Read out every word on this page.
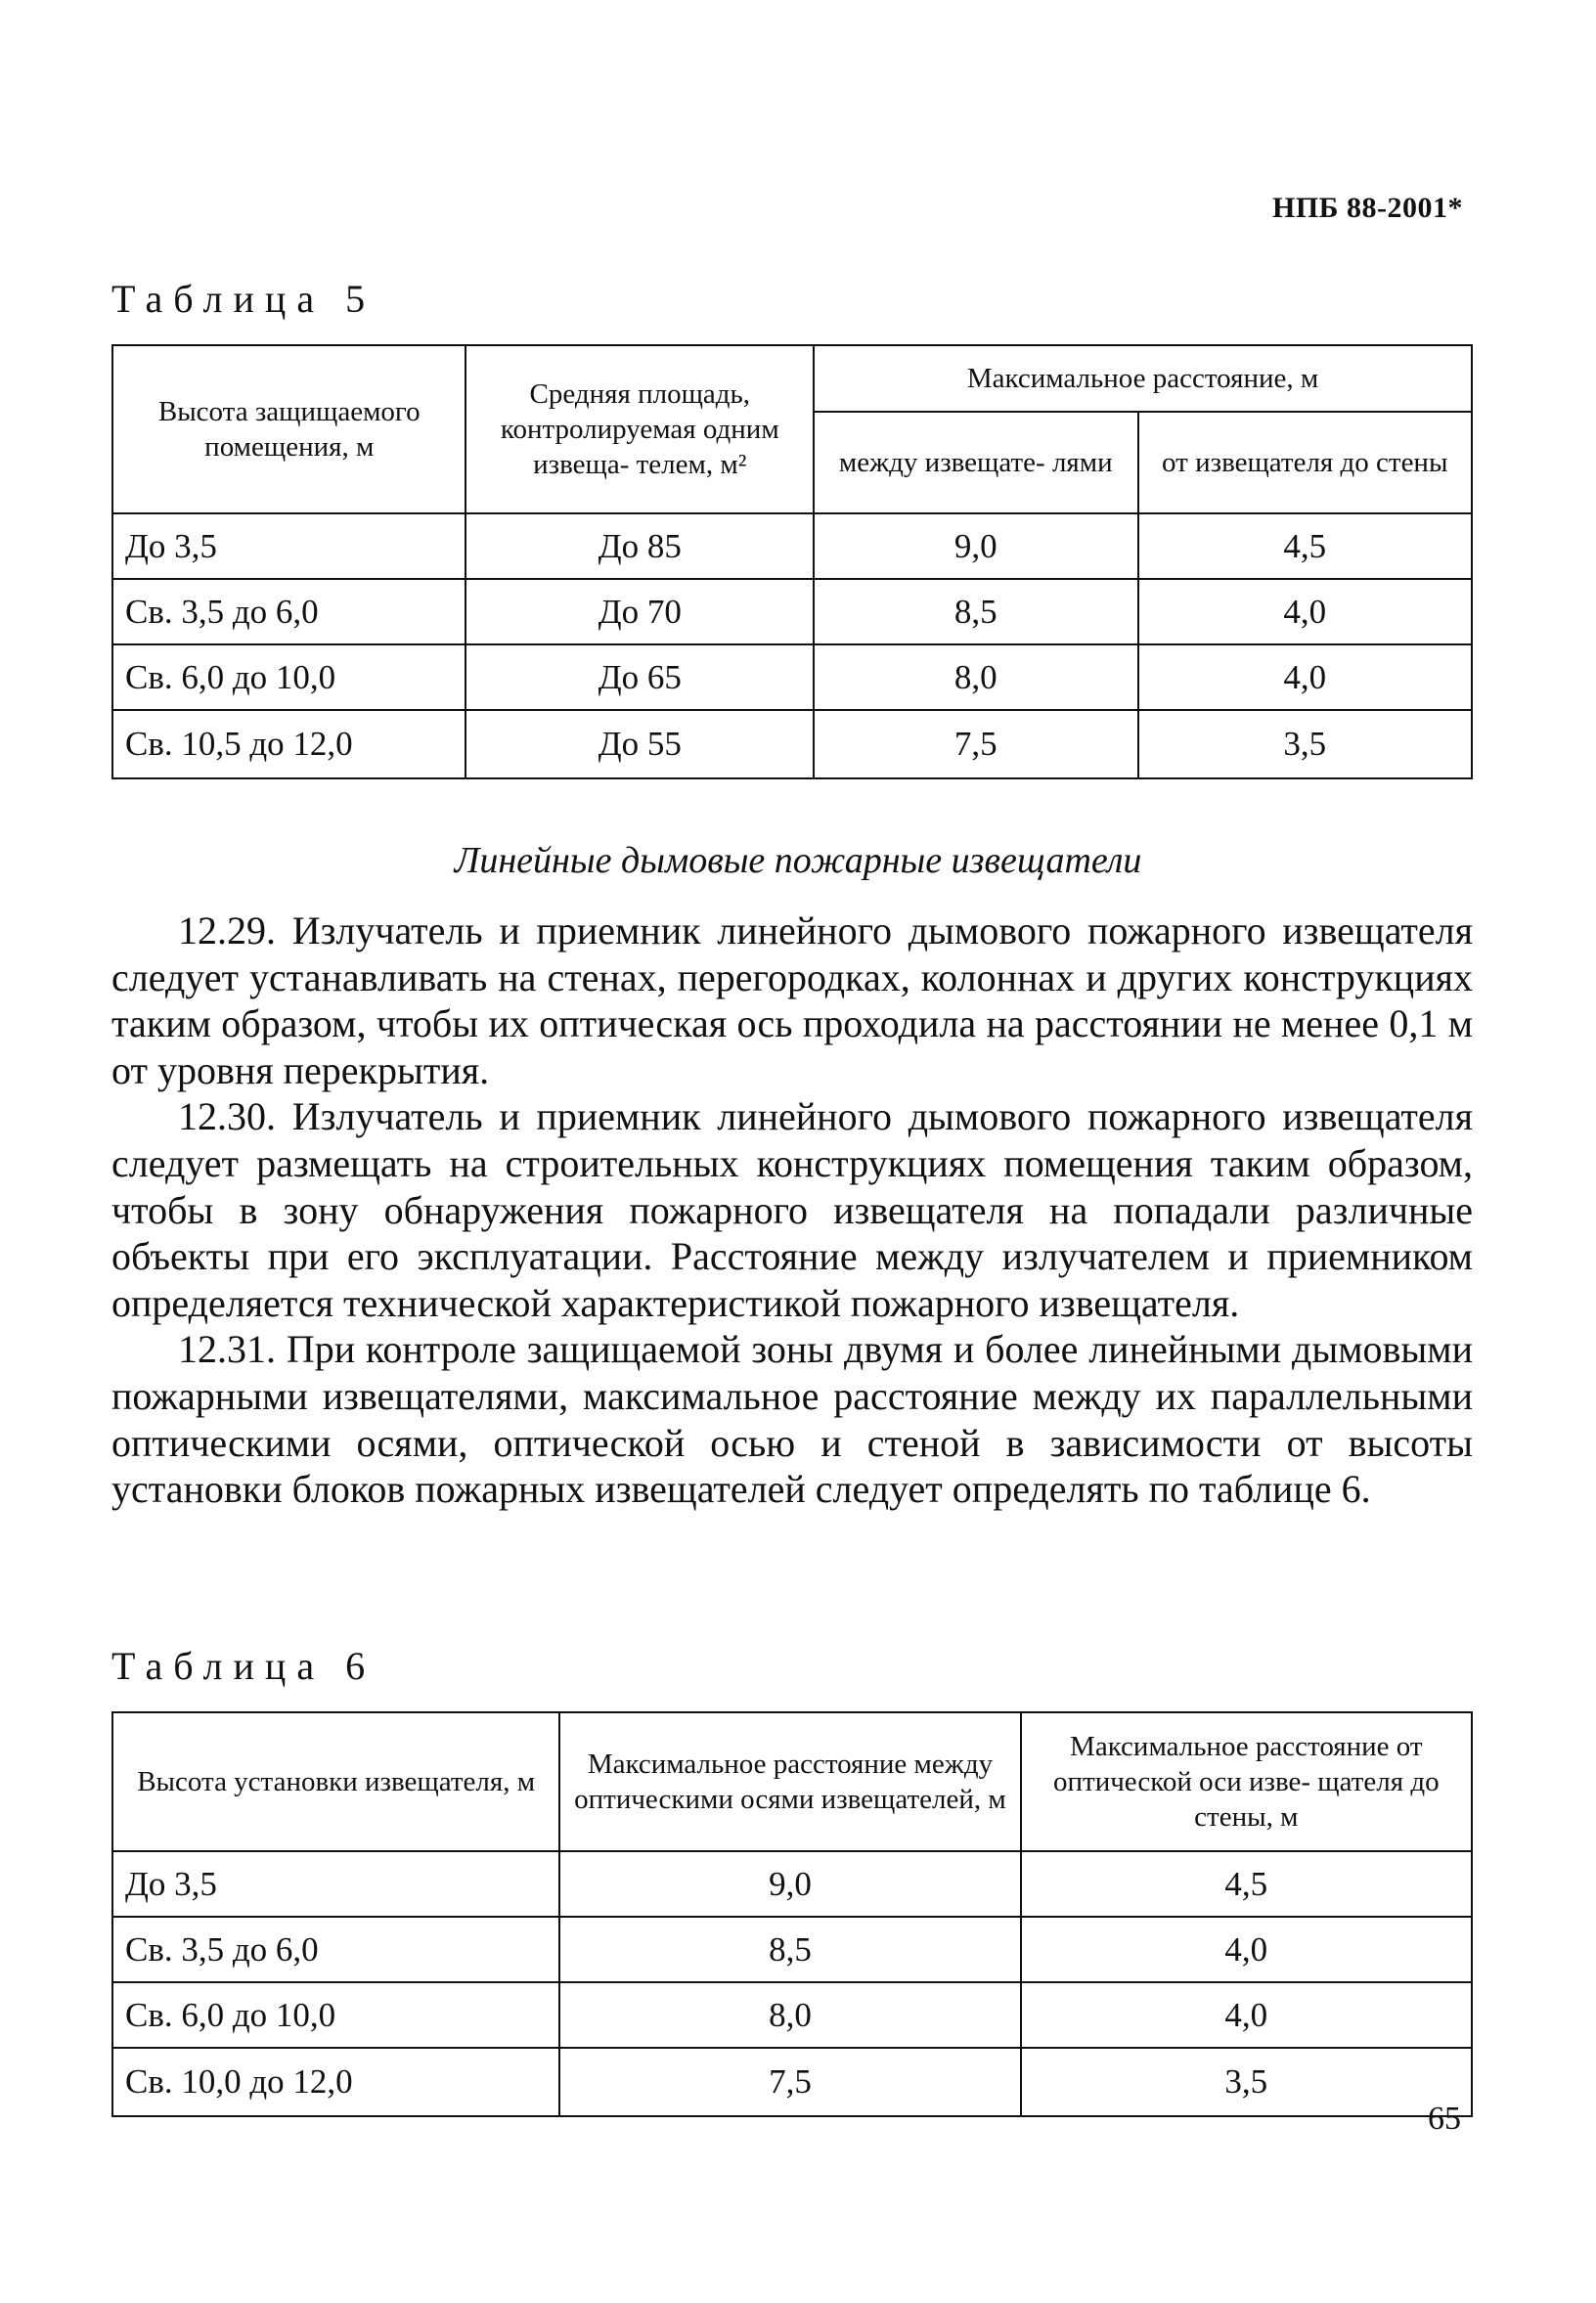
НПБ 88-2001*
Таблица 5
Высота защищаемого помещения, м	Средняя площадь, контролируемая одним извеща- телем, м²	Максимальное расстояние, м	
		между извещате- лями	от извещателя до стены
До 3,5	До 85	9,0	4,5
Св. 3,5 до 6,0	До 70	8,5	4,0
Св. 6,0 до 10,0	До 65	8,0	4,0
Св. 10,5 до 12,0	До 55	7,5	3,5
Линейные дымовые пожарные извещатели

12.29. Излучатель и приемник линейного дымового пожарного извещателя следует устанавливать на стенах, перегородках, колоннах и других конструкциях таким образом, чтобы их оптическая ось проходила на расстоянии не менее 0,1 м от уровня перекрытия.

12.30. Излучатель и приемник линейного дымового пожарного извещателя следует размещать на строительных конструкциях помещения таким образом, чтобы в зону обнаружения пожарного извещателя на попадали различные объекты при его эксплуатации. Расстояние между излучателем и приемником определяется технической характеристикой пожарного извещателя.

12.31. При контроле защищаемой зоны двумя и более линейными дымовыми пожарными извещателями, максимальное расстояние между их параллельными оптическими осями, оптической осью и стеной в зависимости от высоты установки блоков пожарных извещателей следует определять по таблице 6.

Таблица 6
Высота установки извещателя, м	Максимальное расстояние между оптическими осями извещателей, м	Максимальное расстояние от оптической оси изве- щателя до стены, м
До 3,5	9,0	4,5
Св. 3,5 до 6,0	8,5	4,0
Св. 6,0 до 10,0	8,0	4,0
Св. 10,0 до 12,0	7,5	3,5
65
